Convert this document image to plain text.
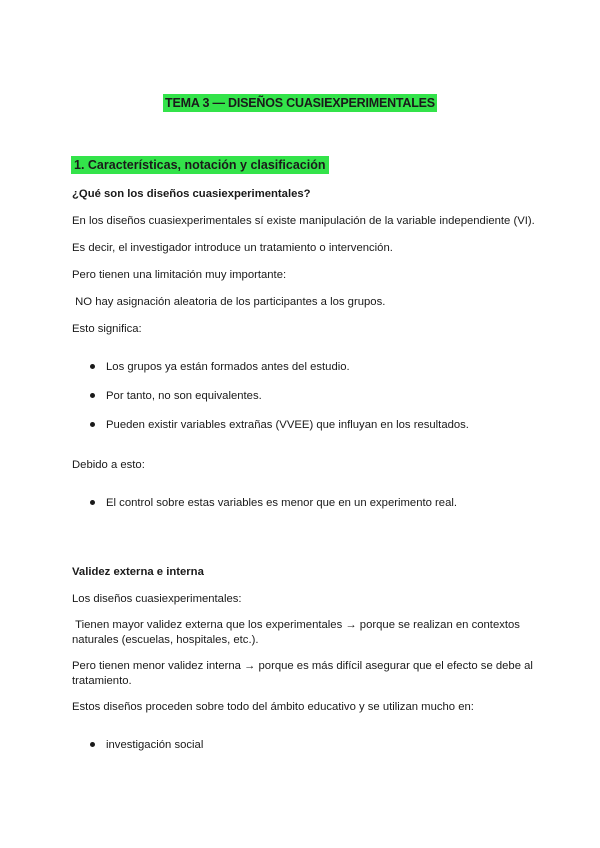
TEMA 3 — DISEÑOS CUASIEXPERIMENTALES
1. Características, notación y clasificación
¿Qué son los diseños cuasiexperimentales?
En los diseños cuasiexperimentales sí existe manipulación de la variable independiente (VI).
Es decir, el investigador introduce un tratamiento o intervención.
Pero tienen una limitación muy importante:
NO hay asignación aleatoria de los participantes a los grupos.
Esto significa:
Los grupos ya están formados antes del estudio.
Por tanto, no son equivalentes.
Pueden existir variables extrañas (VVEE) que influyan en los resultados.
Debido a esto:
El control sobre estas variables es menor que en un experimento real.
Validez externa e interna
Los diseños cuasiexperimentales:
Tienen mayor validez externa que los experimentales → porque se realizan en contextos naturales (escuelas, hospitales, etc.).
Pero tienen menor validez interna → porque es más difícil asegurar que el efecto se debe al tratamiento.
Estos diseños proceden sobre todo del ámbito educativo y se utilizan mucho en:
investigación social
